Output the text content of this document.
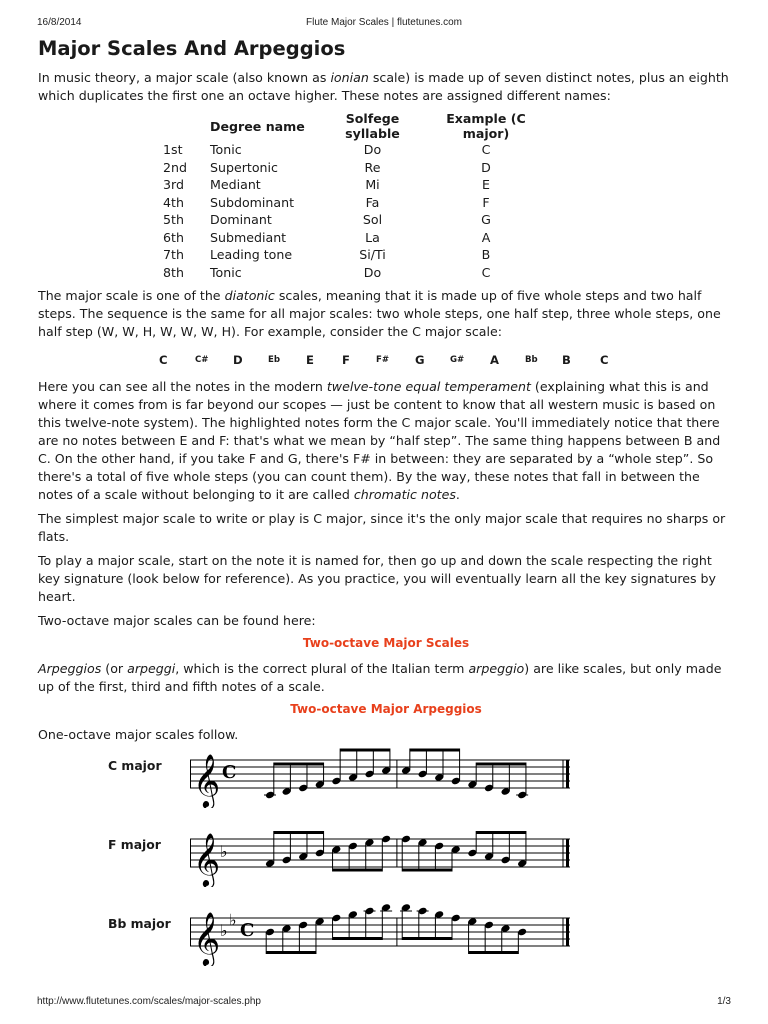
16/8/2014	Flute Major Scales | flutetunes.com
Major Scales And Arpeggios

In music theory, a major scale (also known as ionian scale) is made up of seven distinct notes, plus an eighth which duplicates the first one an octave higher. These notes are assigned different names:

	Degree name	Solfege syllable	Example (C major)
1st	Tonic	Do	C
2nd	Supertonic	Re	D
3rd	Mediant	Mi	E
4th	Subdominant	Fa	F
5th	Dominant	Sol	G
6th	Submediant	La	A
7th	Leading tone	Si/Ti	B
8th	Tonic	Do	C

The major scale is one of the diatonic scales, meaning that it is made up of five whole steps and two half steps. The sequence is the same for all major scales: two whole steps, one half step, three whole steps, one half step (W, W, H, W, W, W, H). For example, consider the C major scale:

C	C# D	Eb E F	F# G	G# A	Bb B	C

Here you can see all the notes in the modern twelve-tone equal temperament (explaining what this is and where it comes from is far beyond our scopes — just be content to know that all western music is based on this twelve-note system). The highlighted notes form the C major scale. You'll immediately notice that there are no notes between E and F: that's what we mean by “half step”. The same thing happens between B and C. On the other hand, if you take F and G, there's F# in between: they are separated by a “whole step”. So there's a total of five whole steps (you can count them). By the way, these notes that fall in between the notes of a scale without belonging to it are called chromatic notes.

The simplest major scale to write or play is C major, since it's the only major scale that requires no sharps or flats.

To play a major scale, start on the note it is named for, then go up and down the scale respecting the right key signature (look below for reference). As you practice, you will eventually learn all the key signatures by heart.

Two-octave major scales can be found here:

Two-octave Major Scales

Arpeggios (or arpeggi, which is the correct plural of the Italian term arpeggio) are like scales, but only made up of the first, third and fifth notes of a scale.

Two-octave Major Arpeggios

One-octave major scales follow.

C major 𝄞 C
F major 𝄞 ♭
Bb major 𝄞 ♭
♭ C
http://www.flutetunes.com/scales/major-scales.php	1/3
